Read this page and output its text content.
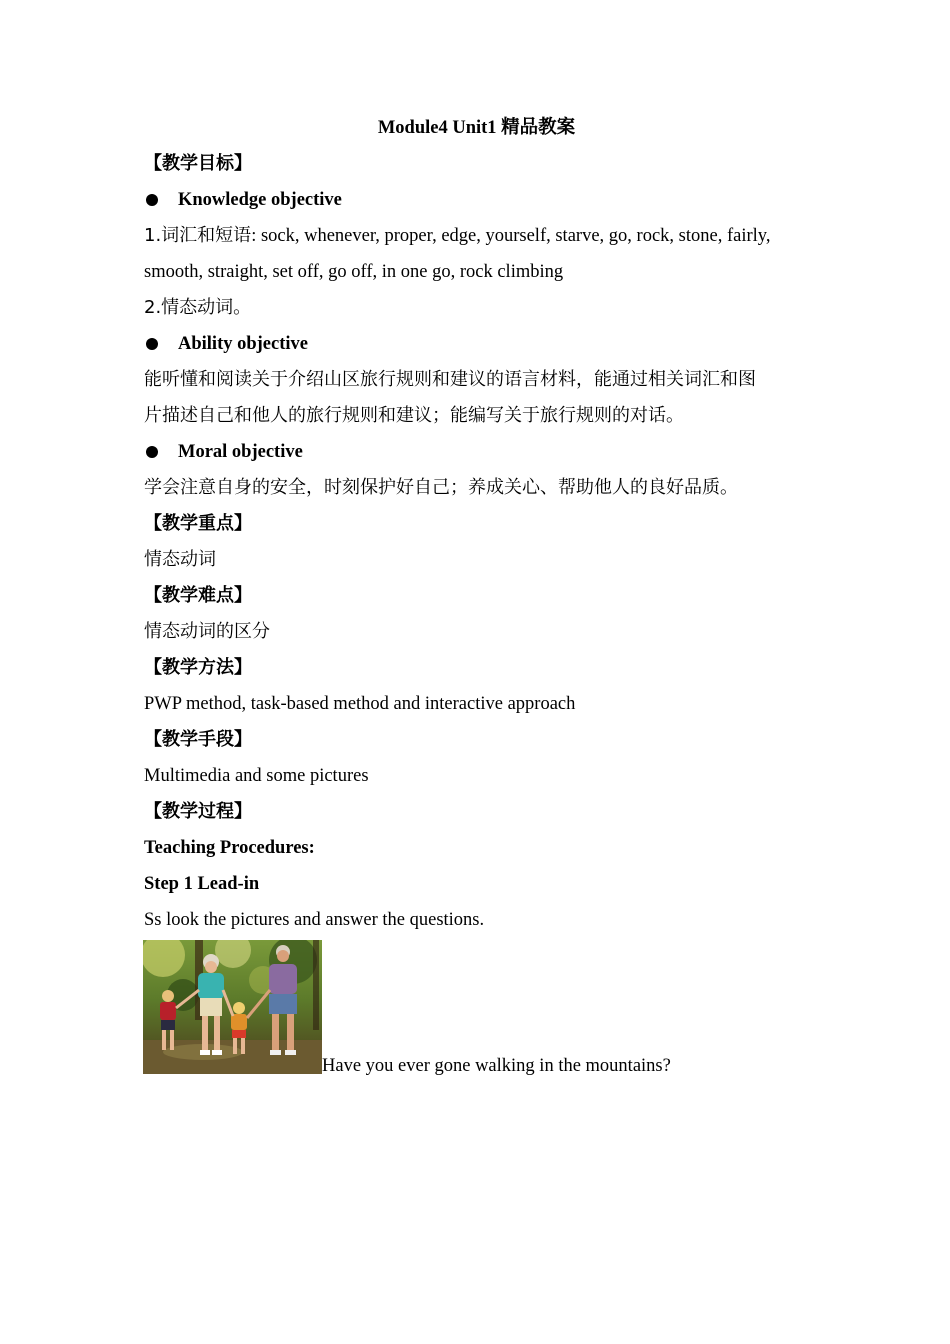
Module4 Unit1 精品教案
【教学目标】
Knowledge objective
1.词汇和短语: sock, whenever, proper, edge, yourself, starve, go, rock, stone, fairly,
smooth, straight, set off, go off, in one go, rock climbing
2.情态动词。
Ability objective
能听懂和阅读关于介绍山区旅行规则和建议的语言材料，能通过相关词汇和图
片描述自己和他人的旅行规则和建议；能编写关于旅行规则的对话。
Moral objective
学会注意自身的安全，时刻保护好自己；养成关心、帮助他人的良好品质。
【教学重点】
情态动词
【教学难点】
情态动词的区分
【教学方法】
PWP method, task-based method and interactive approach
【教学手段】
Multimedia and some pictures
【教学过程】
Teaching Procedures:
Step 1 Lead-in
Ss look the pictures and answer the questions.
Have you ever gone walking in the mountains?
